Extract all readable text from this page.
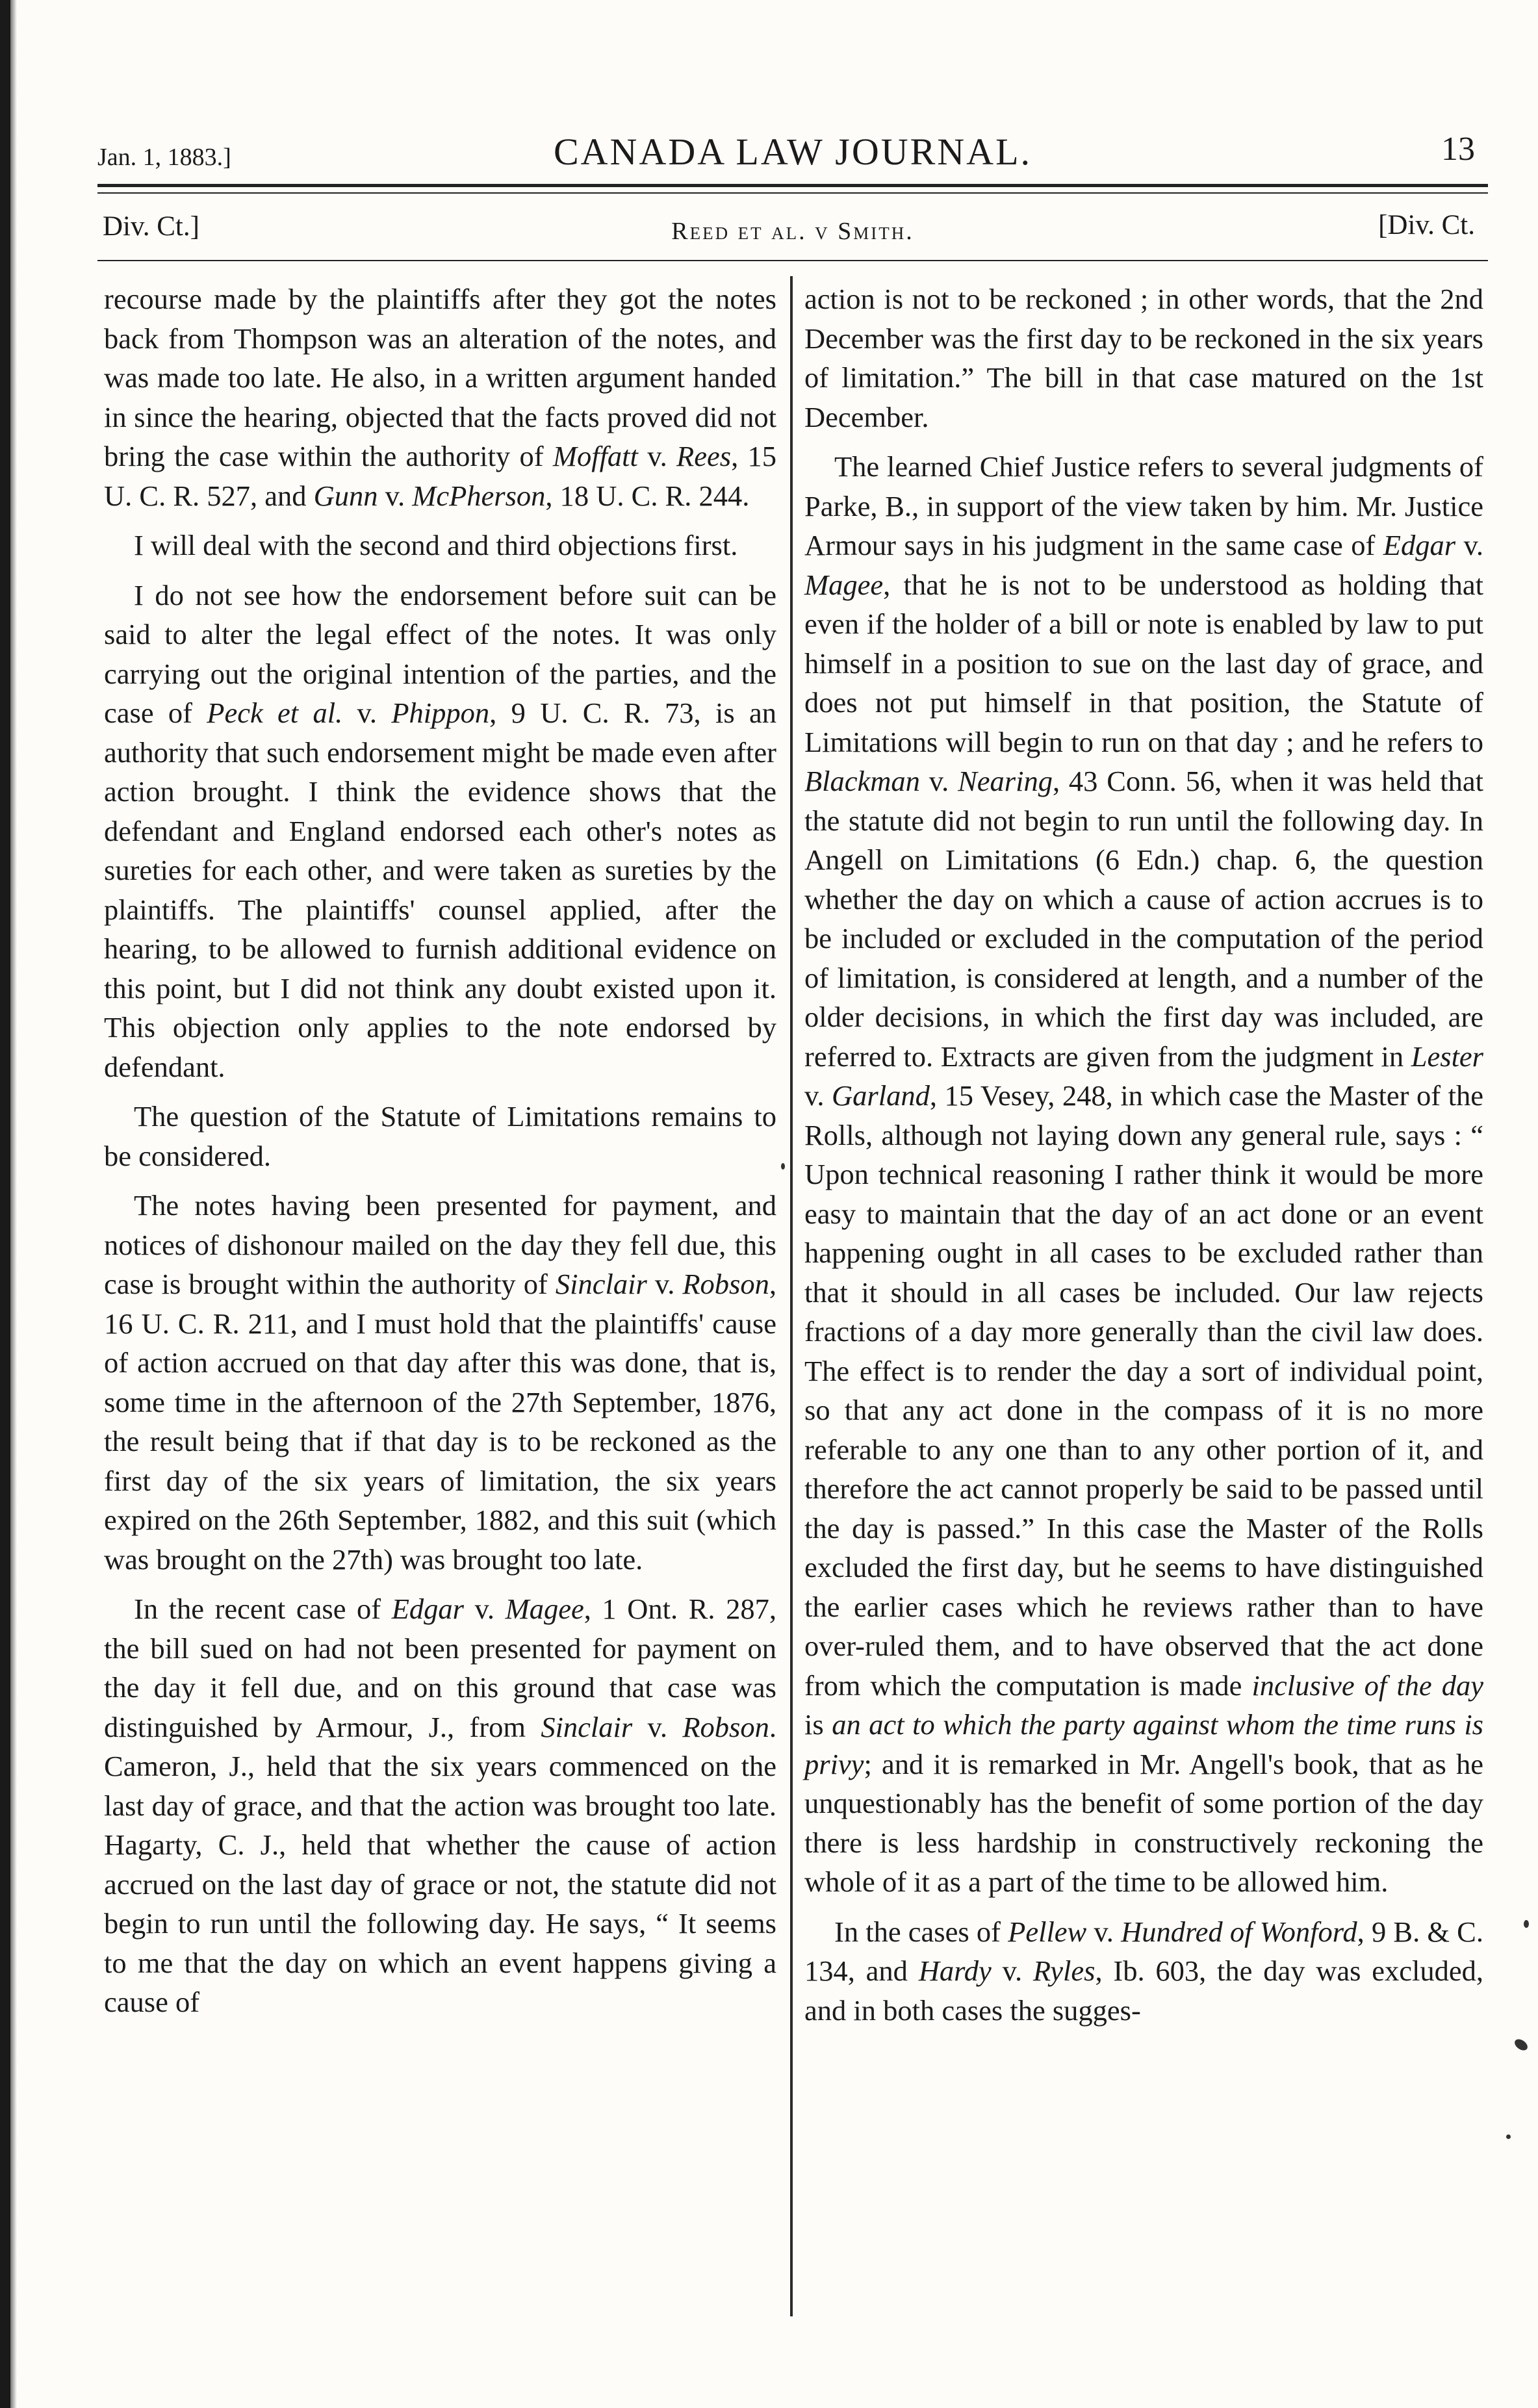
Jan. 1, 1883.]	CANADA LAW JOURNAL.	13
Div. Ct.]	Reed et al. v Smith.	[Div. Ct.

recourse made by the plaintiffs after they got the notes back from Thompson was an alteration of the notes, and was made too late. He also, in a written argument handed in since the hearing, objected that the facts proved did not bring the case within the authority of Moffatt v. Rees, 15 U. C. R. 527, and Gunn v. McPherson, 18 U. C. R. 244.

I will deal with the second and third objections first.

I do not see how the endorsement before suit can be said to alter the legal effect of the notes. It was only carrying out the original intention of the parties, and the case of Peck et al. v. Phippon, 9 U. C. R. 73, is an authority that such endorsement might be made even after action brought. I think the evidence shows that the defendant and England endorsed each other's notes as sureties for each other, and were taken as sureties by the plaintiffs. The plaintiffs' counsel applied, after the hearing, to be allowed to furnish additional evidence on this point, but I did not think any doubt existed upon it. This objection only applies to the note endorsed by defendant.

The question of the Statute of Limitations remains to be considered.

The notes having been presented for payment, and notices of dishonour mailed on the day they fell due, this case is brought within the authority of Sinclair v. Robson, 16 U. C. R. 211, and I must hold that the plaintiffs' cause of action accrued on that day after this was done, that is, some time in the afternoon of the 27th September, 1876, the result being that if that day is to be reckoned as the first day of the six years of limitation, the six years expired on the 26th September, 1882, and this suit (which was brought on the 27th) was brought too late.

In the recent case of Edgar v. Magee, 1 Ont. R. 287, the bill sued on had not been presented for payment on the day it fell due, and on this ground that case was distinguished by Armour, J., from Sinclair v. Robson. Cameron, J., held that the six years commenced on the last day of grace, and that the action was brought too late. Hagarty, C. J., held that whether the cause of action accrued on the last day of grace or not, the statute did not begin to run until the following day. He says, “ It seems to me that the day on which an event happens giving a cause of

action is not to be reckoned ; in other words, that the 2nd December was the first day to be reckoned in the six years of limitation.” The bill in that case matured on the 1st December.

The learned Chief Justice refers to several judgments of Parke, B., in support of the view taken by him. Mr. Justice Armour says in his judgment in the same case of Edgar v. Magee, that he is not to be understood as holding that even if the holder of a bill or note is enabled by law to put himself in a position to sue on the last day of grace, and does not put himself in that position, the Statute of Limitations will begin to run on that day ; and he refers to Blackman v. Nearing, 43 Conn. 56, when it was held that the statute did not begin to run until the following day. In Angell on Limitations (6 Edn.) chap. 6, the question whether the day on which a cause of action accrues is to be included or excluded in the computation of the period of limitation, is considered at length, and a number of the older decisions, in which the first day was included, are referred to. Extracts are given from the judgment in Lester v. Garland, 15 Vesey, 248, in which case the Master of the Rolls, although not laying down any general rule, says : “ Upon technical reasoning I rather think it would be more easy to maintain that the day of an act done or an event happening ought in all cases to be excluded rather than that it should in all cases be included. Our law rejects fractions of a day more generally than the civil law does. The effect is to render the day a sort of individual point, so that any act done in the compass of it is no more referable to any one than to any other portion of it, and therefore the act cannot properly be said to be passed until the day is passed.” In this case the Master of the Rolls excluded the first day, but he seems to have distinguished the earlier cases which he reviews rather than to have over-ruled them, and to have observed that the act done from which the computation is made inclusive of the day is an act to which the party against whom the time runs is privy; and it is remarked in Mr. Angell's book, that as he unquestionably has the benefit of some portion of the day there is less hardship in constructively reckoning the whole of it as a part of the time to be allowed him.

In the cases of Pellew v. Hundred of Wonford, 9 B. & C. 134, and Hardy v. Ryles, Ib. 603, the day was excluded, and in both cases the sugges-
